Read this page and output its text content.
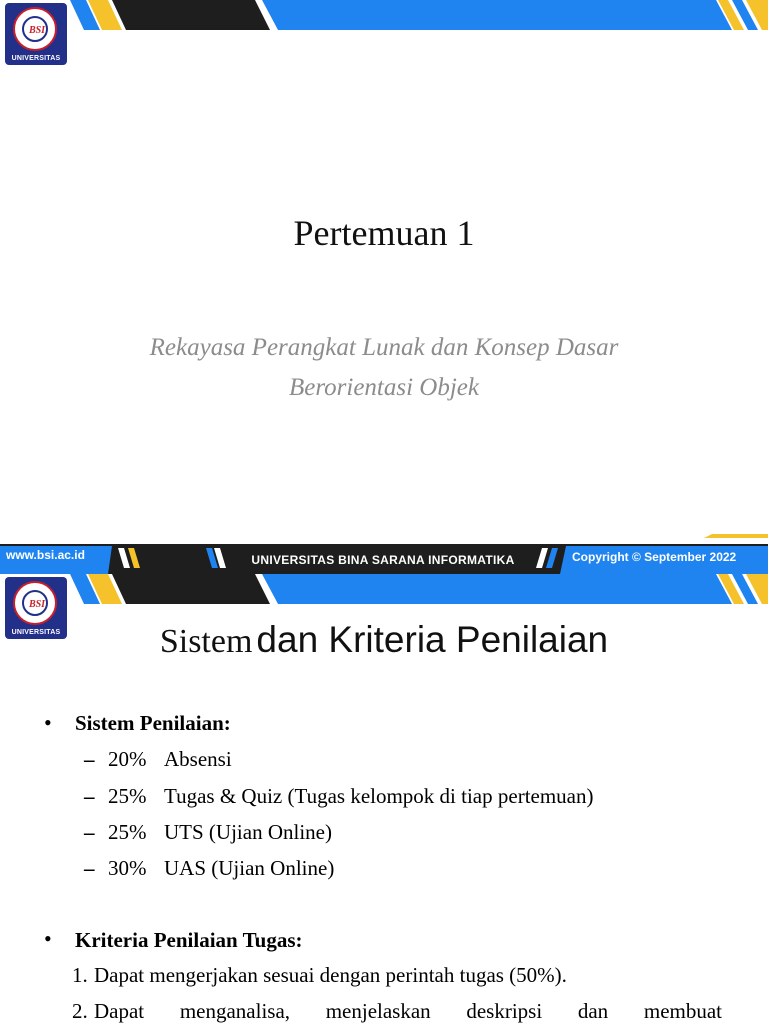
BSI
UNIVERSITAS
Pertemuan 1
Rekayasa Perangkat Lunak dan Konsep Dasar
Berorientasi Objek
www.bsi.ac.id	UNIVERSITAS BINA SARANA INFORMATIKA	Copyright © September 2022
BSI
UNIVERSITAS	Sistem dan Kriteria Penilaian
• Sistem Penilaian:
– 20% Absensi
– 25% Tugas & Quiz (Tugas kelompok di tiap pertemuan)
– 25% UTS (Ujian Online)
– 30% UAS (Ujian Online)
• Kriteria Penilaian Tugas:
1. Dapat mengerjakan sesuai dengan perintah tugas (50%).
2. Dapat menganalisa, menjelaskan deskripsi dan membuat
